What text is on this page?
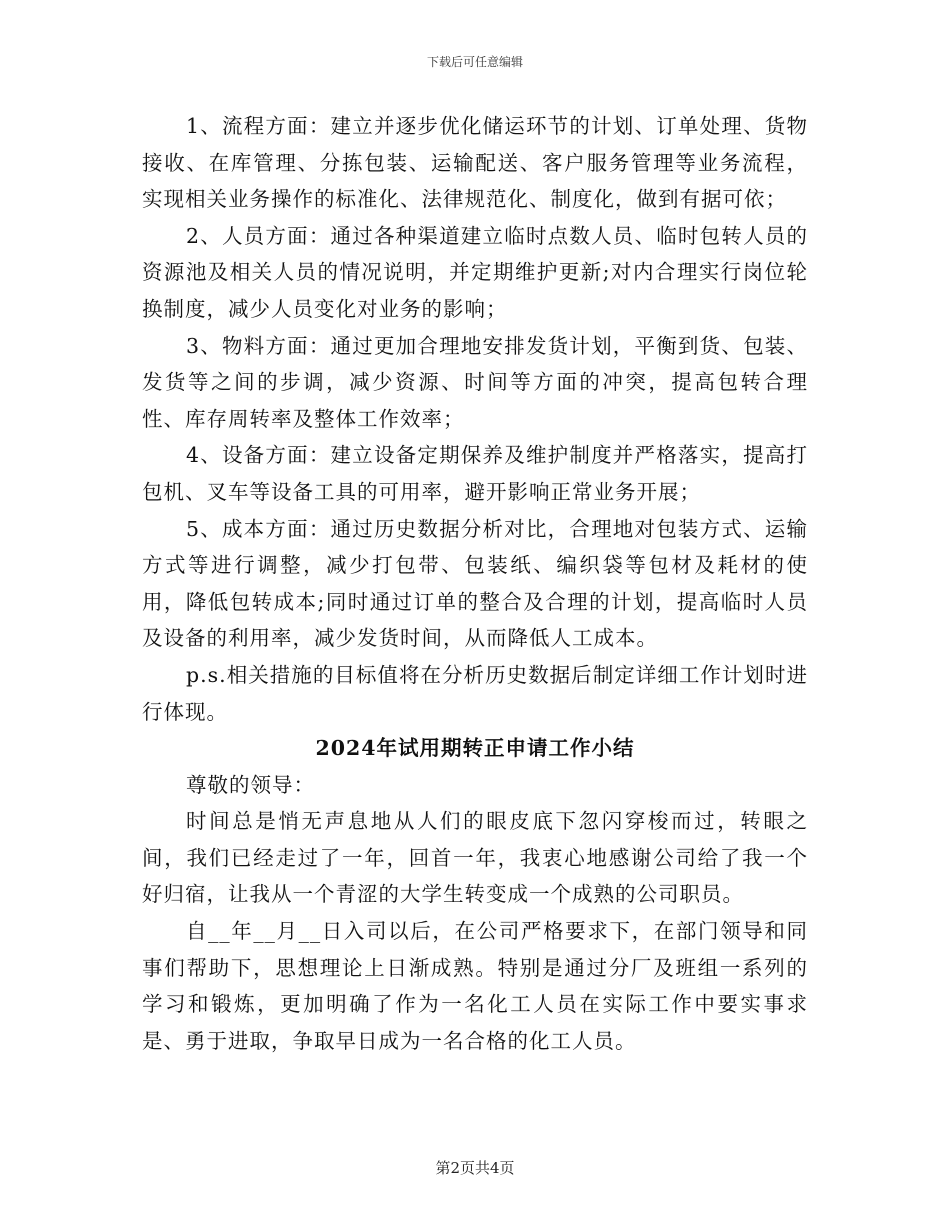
下载后可任意编辑

1、流程方面：建立并逐步优化储运环节的计划、订单处理、货物接收、在库管理、分拣包装、运输配送、客户服务管理等业务流程，实现相关业务操作的标准化、法律规范化、制度化，做到有据可依；

2、人员方面：通过各种渠道建立临时点数人员、临时包转人员的资源池及相关人员的情况说明，并定期维护更新;对内合理实行岗位轮换制度，减少人员变化对业务的影响；

3、物料方面：通过更加合理地安排发货计划，平衡到货、包装、发货等之间的步调，减少资源、时间等方面的冲突，提高包转合理性、库存周转率及整体工作效率；

4、设备方面：建立设备定期保养及维护制度并严格落实，提高打包机、叉车等设备工具的可用率，避开影响正常业务开展；

5、成本方面：通过历史数据分析对比，合理地对包装方式、运输方式等进行调整，减少打包带、包装纸、编织袋等包材及耗材的使用，降低包转成本;同时通过订单的整合及合理的计划，提高临时人员及设备的利用率，减少发货时间，从而降低人工成本。

p.s.相关措施的目标值将在分析历史数据后制定详细工作计划时进行体现。

2024年试用期转正申请工作小结

尊敬的领导：

时间总是悄无声息地从人们的眼皮底下忽闪穿梭而过，转眼之间，我们已经走过了一年，回首一年，我衷心地感谢公司给了我一个好归宿，让我从一个青涩的大学生转变成一个成熟的公司职员。

自__年__月__日入司以后，在公司严格要求下，在部门领导和同事们帮助下，思想理论上日渐成熟。特别是通过分厂及班组一系列的学习和锻炼，更加明确了作为一名化工人员在实际工作中要实事求是、勇于进取，争取早日成为一名合格的化工人员。

第2页共4页
